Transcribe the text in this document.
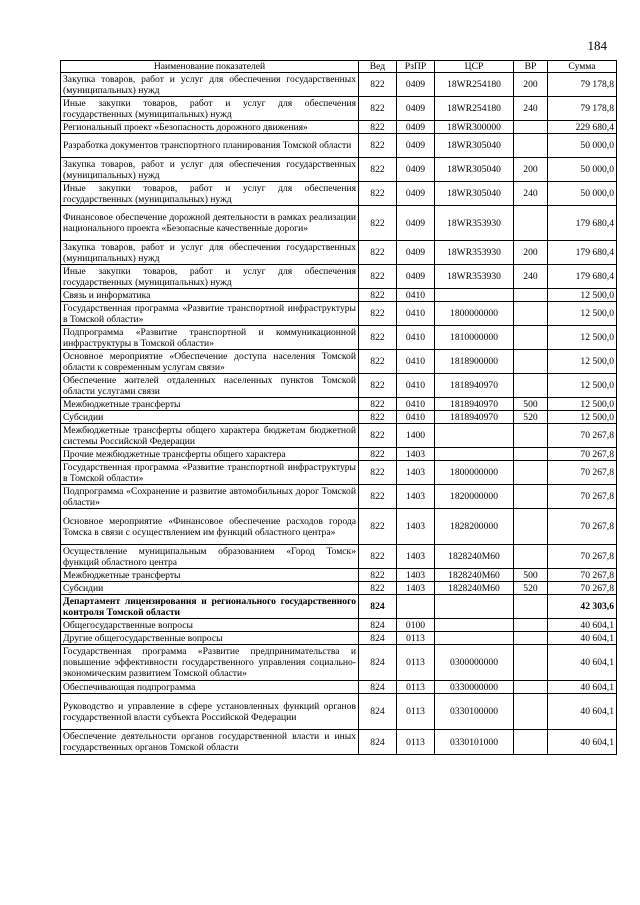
184
Наименование показателей	Вед	РзПР	ЦСР	ВР	Сумма
Закупка товаров, работ и услуг для обеспечения государственных (муниципальных) нужд	822	0409	18WR254180	200	79 178,8
Иные закупки товаров, работ и услуг для обеспечения государственных (муниципальных) нужд	822	0409	18WR254180	240	79 178,8
Региональный проект «Безопасность дорожного движения»	822	0409	18WR300000		229 680,4
Разработка документов транспортного планирования Томской области	822	0409	18WR305040		50 000,0
Закупка товаров, работ и услуг для обеспечения государственных (муниципальных) нужд	822	0409	18WR305040	200	50 000,0
Иные закупки товаров, работ и услуг для обеспечения государственных (муниципальных) нужд	822	0409	18WR305040	240	50 000,0
Финансовое обеспечение дорожной деятельности в рамках реализации национального проекта «Безопасные качественные дороги»	822	0409	18WR353930		179 680,4
Закупка товаров, работ и услуг для обеспечения государственных (муниципальных) нужд	822	0409	18WR353930	200	179 680,4
Иные закупки товаров, работ и услуг для обеспечения государственных (муниципальных) нужд	822	0409	18WR353930	240	179 680,4
Связь и информатика	822	0410			12 500,0
Государственная программа «Развитие транспортной инфраструктуры в Томской области»	822	0410	1800000000		12 500,0
Подпрограмма «Развитие транспортной и коммуникационной инфраструктуры в Томской области»	822	0410	1810000000		12 500,0
Основное мероприятие «Обеспечение доступа населения Томской области к современным услугам связи»	822	0410	1818900000		12 500,0
Обеспечение жителей отдаленных населенных пунктов Томской области услугами связи	822	0410	1818940970		12 500,0
Межбюджетные трансферты	822	0410	1818940970	500	12 500,0
Субсидии	822	0410	1818940970	520	12 500,0
Межбюджетные трансферты общего характера бюджетам бюджетной системы Российской Федерации	822	1400			70 267,8
Прочие межбюджетные трансферты общего характера	822	1403			70 267,8
Государственная программа «Развитие транспортной инфраструктуры в Томской области»	822	1403	1800000000		70 267,8
Подпрограмма «Сохранение и развитие автомобильных дорог Томской области»	822	1403	1820000000		70 267,8
Основное мероприятие «Финансовое обеспечение расходов города Томска в связи с осуществлением им функций областного центра»	822	1403	1828200000		70 267,8
Осуществление муниципальным образованием «Город Томск» функций областного центра	822	1403	1828240М60		70 267,8
Межбюджетные трансферты	822	1403	1828240М60	500	70 267,8
Субсидии	822	1403	1828240М60	520	70 267,8
Департамент лицензирования и регионального государственного контроля Томской области	824				42 303,6
Общегосударственные вопросы	824	0100			40 604,1
Другие общегосударственные вопросы	824	0113			40 604,1
Государственная программа «Развитие предпринимательства и повышение эффективности государственного управления социально-экономическим развитием Томской области»	824	0113	0300000000		40 604,1
Обеспечивающая подпрограмма	824	0113	0330000000		40 604,1
Руководство и управление в сфере установленных функций органов государственной власти субъекта Российской Федерации	824	0113	0330100000		40 604,1
Обеспечение деятельности органов государственной власти и иных государственных органов Томской области	824	0113	0330101000		40 604,1
